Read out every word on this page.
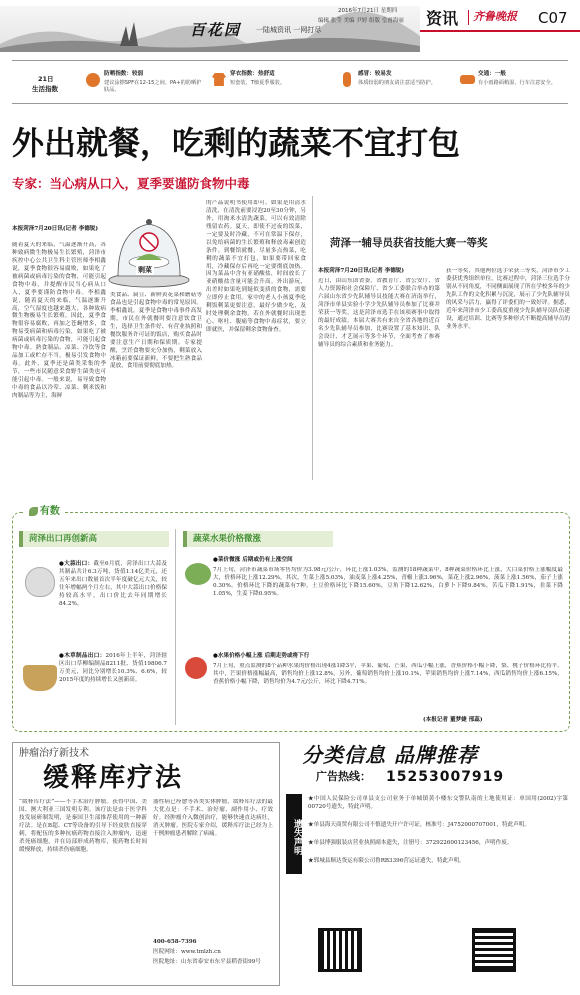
百花园 一陆城资讯 一网打尽
2016年7月21日 星期四
编辑 张莹 美编 尹婷 组版 皇甫海丽 资讯	齐鲁晚报 C07
21日
生活指数
防晒指数：较弱
建议涂擦SPF在12-15之间、PA+的防晒护肤品。
穿衣指数：热舒适
短套装、T恤夏季服装。
感冒：较易发
体质较弱的朋友请注意适当防护。
交通：一般
有小雨路面稍湿，行车注意安全。
外出就餐，吃剩的蔬菜不宜打包
专家：当心病从口入，夏季要谨防食物中毒
剩菜
本报菏泽7月20日讯(记者 李德锐)
随着夏天的来临，气温逐渐升高，各种致病微生物极易生长繁殖，菏泽市疾控中心公共卫生科主管医师李相鑫说，夏季食物很容易腐败，如果吃了被病菌或病毒污染的食物，可能引起食物中毒，并提醒市民当心病从口入，夏季要谨防食物中毒。李相鑫说，随着夏天的来临，气温逐渐升高，空气湿度也越来越大，各种致病微生物极易生长繁殖。因此，夏季食物很容易腐败，再加之苍蝇增多，食物易受病菌和病毒污染，如果吃了被病菌或病毒污染的食物，可能引起食物中毒。熟食制品、凉菜、冷饮等食品加工或贮存不当，极易引发食物中毒。此外，夏季还是菌类采集的季节，一些市民随意采食野生菌类也可能引起中毒。一般来说，易导致食物中毒的食品以冷荤、凉菜、剩米饭和肉制品等为主，海鲜
类食品、扁豆、新鲜黄花菜和蘑菇等食品也是引起食物中毒的常见原因。李相鑫说，夏季是食物中毒事件高发期，市民在外就餐时要注意饮食卫生，选择卫生条件好、有营业执照和餐饮服务许可证的饭店，购买食品时要注意生产日期和保质期。专家提醒，烹饪食物要充分加热，剩菜放入冰箱前要保证新鲜，不要把生熟食品混放，食用前要彻底加热。
的产品说明书使用即可。如果是用清水清洗，在清洗前要浸泡20至30分钟，另外，用淘米水清洗蔬菜，可以有效清除残留农药。夏天，即使不过夜的饭菜，一定要及时冷藏，不可在常温下保存，以免给病菌的生长繁殖和释放毒素创造条件。到餐馆就餐，尽量多点热菜，吃剩的蔬菜不宜打包，如果要带回家食用，冷藏保存后再吃一定要彻底加热。因为菜品中含有亚硝酸盐，时间放长了亚硝酸盐含量可能会升高。外出游玩、出差时如果吃到疑似变质的食物，需要立即停止食用。家中的老人小孩夏季吃剩饭剩菜更要注意，最好少做少吃，及时处理剩余食物。若在外就餐时出现恶心、呕吐、腹痛等食物中毒症状，要立即就医，并保留剩余食物备查。
菏泽一辅导员获省技能大赛一等奖
本报菏泽7月20日讯(记者 李德锐)
近日，由山东团省委、省教育厅、省公安厅、省人力资源和社会保障厅、省少工委联合举办的第六届山东省少先队辅导员技能大赛在济南举行，菏泽市单县实验小学少先队辅导员参加了比赛并荣获一等奖，这是菏泽市选手在该项赛事中取得的最好成绩。本届大赛共有来自全省各地的近百名少先队辅导员参加，比赛设置了基本知识、队会设计、才艺展示等多个环节，全面考查了参赛辅导员的综合素质和业务能力。
获一等奖，其他两位选手荣获三等奖，菏泽市少工委获优秀组织单位。比赛过程中，菏泽三位选手分别从不同角度，不同侧面展现了所在学校多年的少先队工作的文化积累与沉淀，展示了少先队辅导员的风采与活力，赢得了评委们的一致好评。据悉，近年来菏泽市少工委高度重视少先队辅导员队伍建设，通过培训、比赛等多种形式不断提高辅导员的业务水平。
有数
菏泽出口再创新高
●大蒜出口：截至6月底，菏泽出口大蒜及其制品共计6.3万吨、货值1.14亿美元，还五年来出口数量首次半年度破亿元大关，较往年增幅两个月左右，其中大蒜出口价格保持较高水平，出口价比去年同期增长84.2%。
●木草制品出口：2016年上半年，菏泽辖区出口草柳编制品8211批、货值19806.7万美元，同比分别增长10.3%、6.6%，较2015年度的持续增长又创新高。
蔬菜水果价格微涨
●菜价微涨 后期或仍有上涨空间
7月上旬，菏泽市蔬菜市场零售均价为3.98元/公斤，环比上涨1.03%，监测的18种蔬菜中，8种蔬菜价格环比上涨，大白菜价格上涨幅度最大，价格环比上涨12.29%，其次，生菜上涨5.03%，油麦菜上涨4.25%，青椒上涨3.96%，菜花上涨2.96%，菠菜上涨1.56%，茄子上涨0.30%。价格环比下降的蔬菜有7种，土豆价格环比下降15.60%，豆角下降12.62%，白萝卜下降9.84%，苦瓜下降1.91%，韭菜下降1.05%，生姜下降0.95%。
●水果价格小幅上涨 后期走势或将下行
7月上旬，重点监测的8个品种水果的价格出现4涨1降3平，苹果、葡萄、芒果、西瓜小幅上涨，香蕉价格小幅下降，梨、桃子价格环比持平。其中，芒果价格涨幅最高，销售均价上涨12.8%，另外，葡萄销售均价上涨10.1%，苹果销售均价上涨7.14%，西瓜销售均价上涨6.15%，香蕉价格小幅下降，销售均价为4.7元/公斤，环比下降4.71%。
(本报记者 董梦婕 邢蕊)
肿瘤治疗新技术
缓释库疗法
“缓释库疗法”——不手术治疗肿瘤。获得中国、美国、澳大利亚三国发明专利。该疗法是由于医学科技发展研制发明，是秦国卫生部推荐使用的一种新疗法。是在B超、CT等设备的引导下经皮肤直接穿刺，将配伍的多种抗癌药物直接注入肿瘤内，迅速杀死癌细胞，并在局部形成药物库，使药物长时间缓慢释放，持续杀伤癌细胞。
器性病已痊愈等各类实体肿瘤，缓释库疗法的最大优点是：不手术、治好瘤、副作用小、疗效好。经肿瘤介入微创治疗，能够快速直达病灶，消灭肿瘤。医院专家介绍，缓释库疗法已经为上千例肿瘤患者解除了病痛。
400-658-7396
医院网址：www.tmlzh.cn
医院地址：山东省泰安市东平县稻香街99号
分类信息 品牌推荐
广告热线： 15253007919
遗失声明
★中国人民保险公司单县支公司业务于单城镇黄小楼东交警队南的土地使用证：单国用(2002)字第00720号遗失，特此声明。
★单县海天商贸有限公司不慎遗失开户许可证，核准号：J4752000707001，特此声明。
★单县博强服装店营业执照副本遗失，注册号：372922600123456，声明作废。
★郓城县顺达货运有限公司鲁RB3396营运证遗失，特此声明。
